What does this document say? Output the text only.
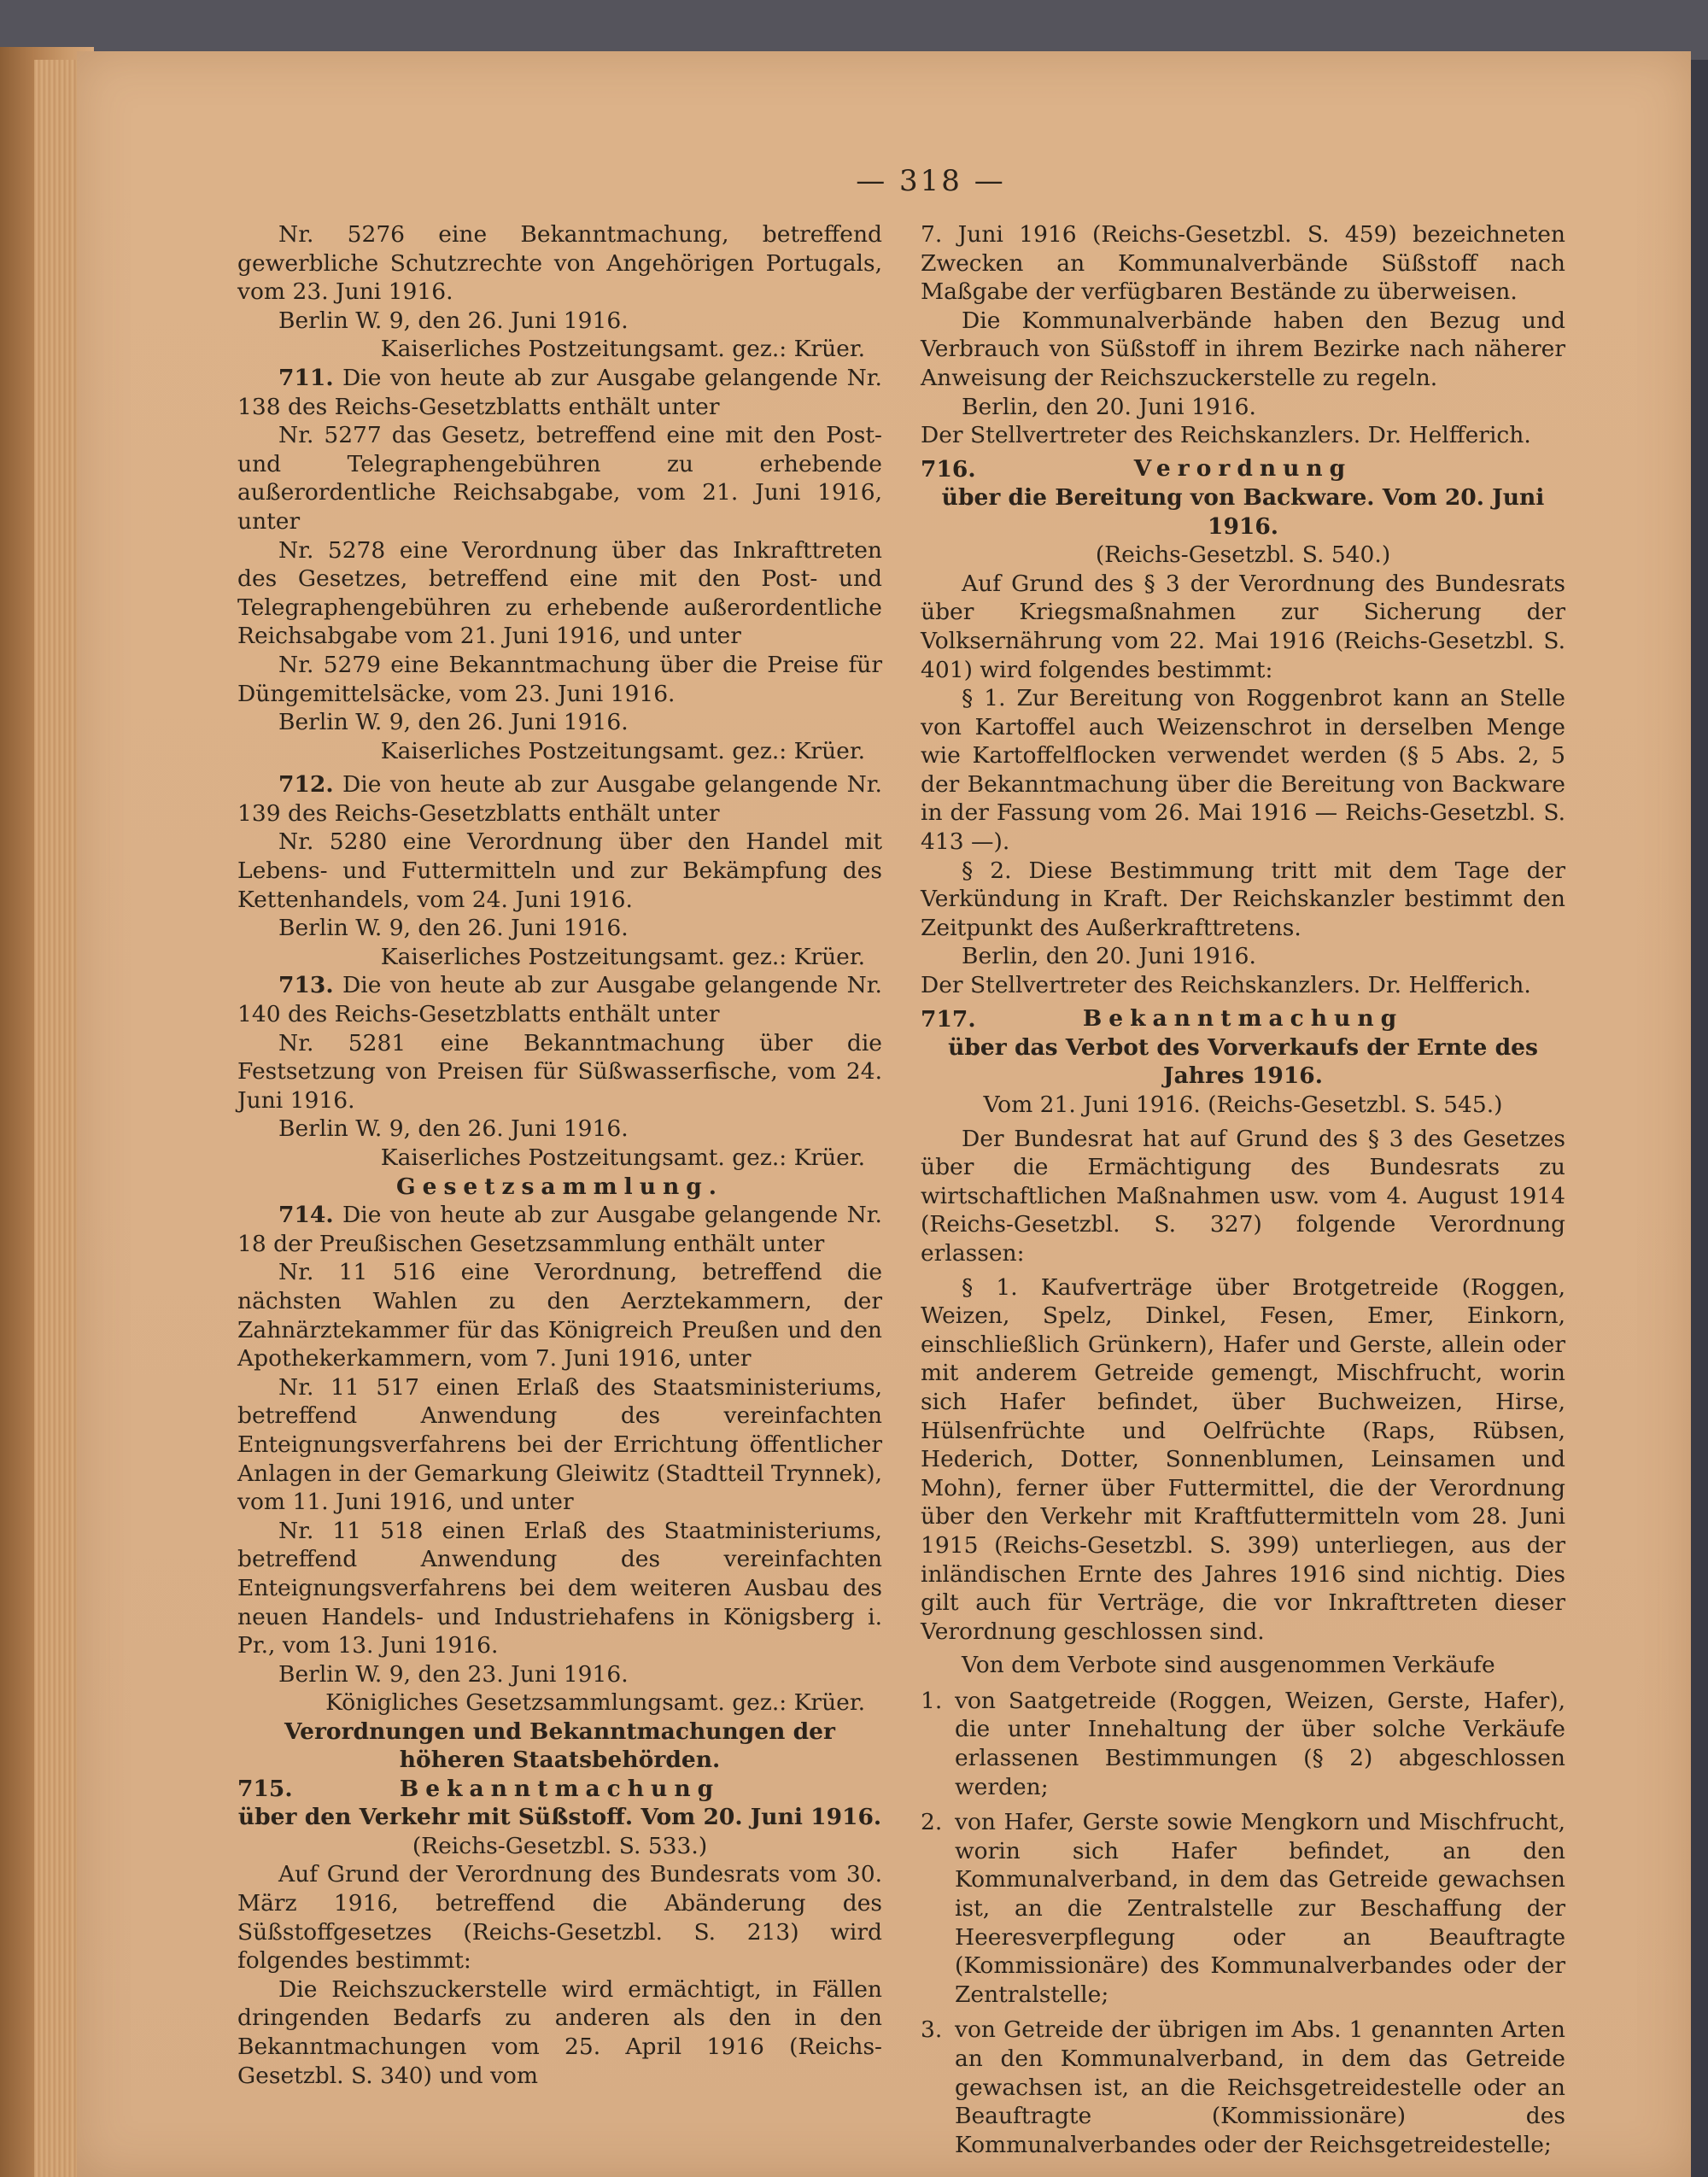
— 318 —

Nr. 5276 eine Bekanntmachung, betreffend gewerbliche Schutzrechte von Angehörigen Portugals, vom 23. Juni 1916.

Berlin W. 9, den 26. Juni 1916.

Kaiserliches Postzeitungsamt. gez.: Krüer.

711. Die von heute ab zur Ausgabe gelangende Nr. 138 des Reichs-Gesetzblatts enthält unter

Nr. 5277 das Gesetz, betreffend eine mit den Post- und Telegraphengebühren zu erhebende außerordentliche Reichsabgabe, vom 21. Juni 1916, unter

Nr. 5278 eine Verordnung über das Inkrafttreten des Gesetzes, betreffend eine mit den Post- und Telegraphengebühren zu erhebende außerordentliche Reichsabgabe vom 21. Juni 1916, und unter

Nr. 5279 eine Bekanntmachung über die Preise für Düngemittelsäcke, vom 23. Juni 1916.

Berlin W. 9, den 26. Juni 1916.

Kaiserliches Postzeitungsamt. gez.: Krüer.

712. Die von heute ab zur Ausgabe gelangende Nr. 139 des Reichs-Gesetzblatts enthält unter

Nr. 5280 eine Verordnung über den Handel mit Lebens- und Futtermitteln und zur Bekämpfung des Kettenhandels, vom 24. Juni 1916.

Berlin W. 9, den 26. Juni 1916.

Kaiserliches Postzeitungsamt. gez.: Krüer.

713. Die von heute ab zur Ausgabe gelangende Nr. 140 des Reichs-Gesetzblatts enthält unter

Nr. 5281 eine Bekanntmachung über die Festsetzung von Preisen für Süßwasserfische, vom 24. Juni 1916.

Berlin W. 9, den 26. Juni 1916.

Kaiserliches Postzeitungsamt. gez.: Krüer.

Gesetzsammlung.

714. Die von heute ab zur Ausgabe gelangende Nr. 18 der Preußischen Gesetzsammlung enthält unter

Nr. 11 516 eine Verordnung, betreffend die nächsten Wahlen zu den Aerztekammern, der Zahnärztekammer für das Königreich Preußen und den Apothekerkammern, vom 7. Juni 1916, unter

Nr. 11 517 einen Erlaß des Staatsministeriums, betreffend Anwendung des vereinfachten Enteignungsverfahrens bei der Errichtung öffentlicher Anlagen in der Gemarkung Gleiwitz (Stadtteil Trynnek), vom 11. Juni 1916, und unter

Nr. 11 518 einen Erlaß des Staatministeriums, betreffend Anwendung des vereinfachten Enteignungsverfahrens bei dem weiteren Ausbau des neuen Handels- und Industriehafens in Königsberg i. Pr., vom 13. Juni 1916.

Berlin W. 9, den 23. Juni 1916.

Königliches Gesetzsammlungsamt. gez.: Krüer.

Verordnungen und Bekanntmachungen der höheren Staatsbehörden.

715.	Bekanntmachung

über den Verkehr mit Süßstoff. Vom 20. Juni 1916.

(Reichs-Gesetzbl. S. 533.)

Auf Grund der Verordnung des Bundesrats vom 30. März 1916, betreffend die Abänderung des Süßstoffgesetzes (Reichs-Gesetzbl. S. 213) wird folgendes bestimmt:

Die Reichszuckerstelle wird ermächtigt, in Fällen dringenden Bedarfs zu anderen als den in den Bekanntmachungen vom 25. April 1916 (Reichs-Gesetzbl. S. 340) und vom

7. Juni 1916 (Reichs-Gesetzbl. S. 459) bezeichneten Zwecken an Kommunalverbände Süßstoff nach Maßgabe der verfügbaren Bestände zu überweisen.

Die Kommunalverbände haben den Bezug und Verbrauch von Süßstoff in ihrem Bezirke nach näherer Anweisung der Reichszuckerstelle zu regeln.

Berlin, den 20. Juni 1916.

Der Stellvertreter des Reichskanzlers. Dr. Helfferich.

716.	Verordnung

über die Bereitung von Backware. Vom 20. Juni 1916.

(Reichs-Gesetzbl. S. 540.)

Auf Grund des § 3 der Verordnung des Bundesrats über Kriegsmaßnahmen zur Sicherung der Volksernährung vom 22. Mai 1916 (Reichs-Gesetzbl. S. 401) wird folgendes bestimmt:

§ 1. Zur Bereitung von Roggenbrot kann an Stelle von Kartoffel auch Weizenschrot in derselben Menge wie Kartoffelflocken verwendet werden (§ 5 Abs. 2, 5 der Bekanntmachung über die Bereitung von Backware in der Fassung vom 26. Mai 1916 — Reichs-Gesetzbl. S. 413 —).

§ 2. Diese Bestimmung tritt mit dem Tage der Verkündung in Kraft. Der Reichskanzler bestimmt den Zeitpunkt des Außerkrafttretens.

Berlin, den 20. Juni 1916.

Der Stellvertreter des Reichskanzlers. Dr. Helfferich.

717.	Bekanntmachung

über das Verbot des Vorverkaufs der Ernte des Jahres 1916.

Vom 21. Juni 1916. (Reichs-Gesetzbl. S. 545.)

Der Bundesrat hat auf Grund des § 3 des Gesetzes über die Ermächtigung des Bundesrats zu wirtschaftlichen Maßnahmen usw. vom 4. August 1914 (Reichs-Gesetzbl. S. 327) folgende Verordnung erlassen:

§ 1. Kaufverträge über Brotgetreide (Roggen, Weizen, Spelz, Dinkel, Fesen, Emer, Einkorn, einschließlich Grünkern), Hafer und Gerste, allein oder mit anderem Getreide gemengt, Mischfrucht, worin sich Hafer befindet, über Buchweizen, Hirse, Hülsenfrüchte und Oelfrüchte (Raps, Rübsen, Hederich, Dotter, Sonnenblumen, Leinsamen und Mohn), ferner über Futtermittel, die der Verordnung über den Verkehr mit Kraftfuttermitteln vom 28. Juni 1915 (Reichs-Gesetzbl. S. 399) unterliegen, aus der inländischen Ernte des Jahres 1916 sind nichtig. Dies gilt auch für Verträge, die vor Inkrafttreten dieser Verordnung geschlossen sind.

Von dem Verbote sind ausgenommen Verkäufe

1. von Saatgetreide (Roggen, Weizen, Gerste, Hafer), die unter Innehaltung der über solche Verkäufe erlassenen Bestimmungen (§ 2) abgeschlossen werden;
2. von Hafer, Gerste sowie Mengkorn und Mischfrucht, worin sich Hafer befindet, an den Kommunalverband, in dem das Getreide gewachsen ist, an die Zentralstelle zur Beschaffung der Heeresverpflegung oder an Beauftragte (Kommissionäre) des Kommunalverbandes oder der Zentralstelle;
3. von Getreide der übrigen im Abs. 1 genannten Arten an den Kommunalverband, in dem das Getreide gewachsen ist, an die Reichsgetreidestelle oder an Beauftragte (Kommissionäre) des Kommunalverbandes oder der Reichsgetreidestelle;
